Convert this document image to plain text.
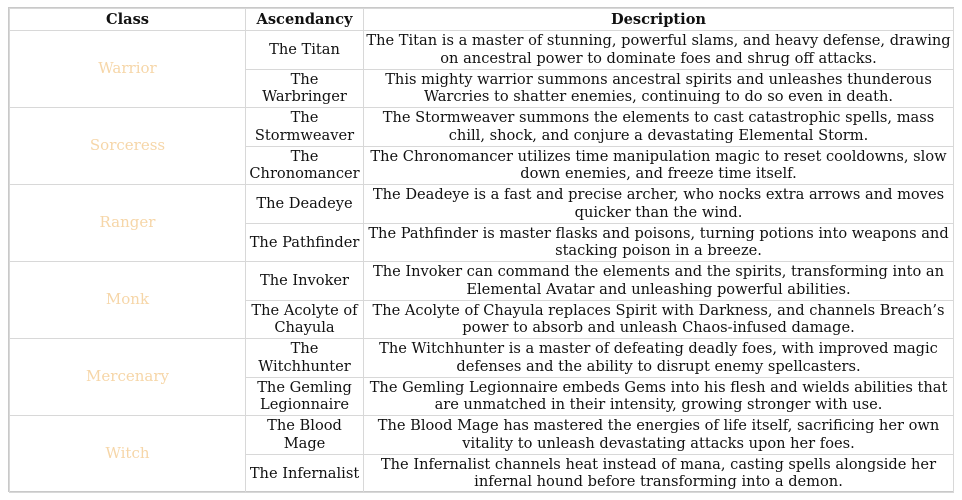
Class	Ascendancy	Description
Warrior	The Titan	The Titan is a master of stunning, powerful slams, and heavy defense, drawing on ancestral power to dominate foes and shrug off attacks.
	The Warbringer	This mighty warrior summons ancestral spirits and unleashes thunderous Warcries to shatter enemies, continuing to do so even in death.
Sorceress	The Stormweaver	The Stormweaver summons the elements to cast catastrophic spells, mass chill, shock, and conjure a devastating Elemental Storm.
	The Chronomancer	The Chronomancer utilizes time manipulation magic to reset cooldowns, slow down enemies, and freeze time itself.
Ranger	The Deadeye	The Deadeye is a fast and precise archer, who nocks extra arrows and moves quicker than the wind.
	The Pathfinder	The Pathfinder is master flasks and poisons, turning potions into weapons and stacking poison in a breeze.
Monk	The Invoker	The Invoker can command the elements and the spirits, transforming into an Elemental Avatar and unleashing powerful abilities.
	The Acolyte of Chayula	The Acolyte of Chayula replaces Spirit with Darkness, and channels Breach’s power to absorb and unleash Chaos-infused damage.
Mercenary	The Witchhunter	The Witchhunter is a master of defeating deadly foes, with improved magic defenses and the ability to disrupt enemy spellcasters.
	The Gemling Legionnaire	The Gemling Legionnaire embeds Gems into his flesh and wields abilities that are unmatched in their intensity, growing stronger with use.
Witch	The Blood Mage	The Blood Mage has mastered the energies of life itself, sacrificing her own vitality to unleash devastating attacks upon her foes.
	The Infernalist	The Infernalist channels heat instead of mana, casting spells alongside her infernal hound before transforming into a demon.
